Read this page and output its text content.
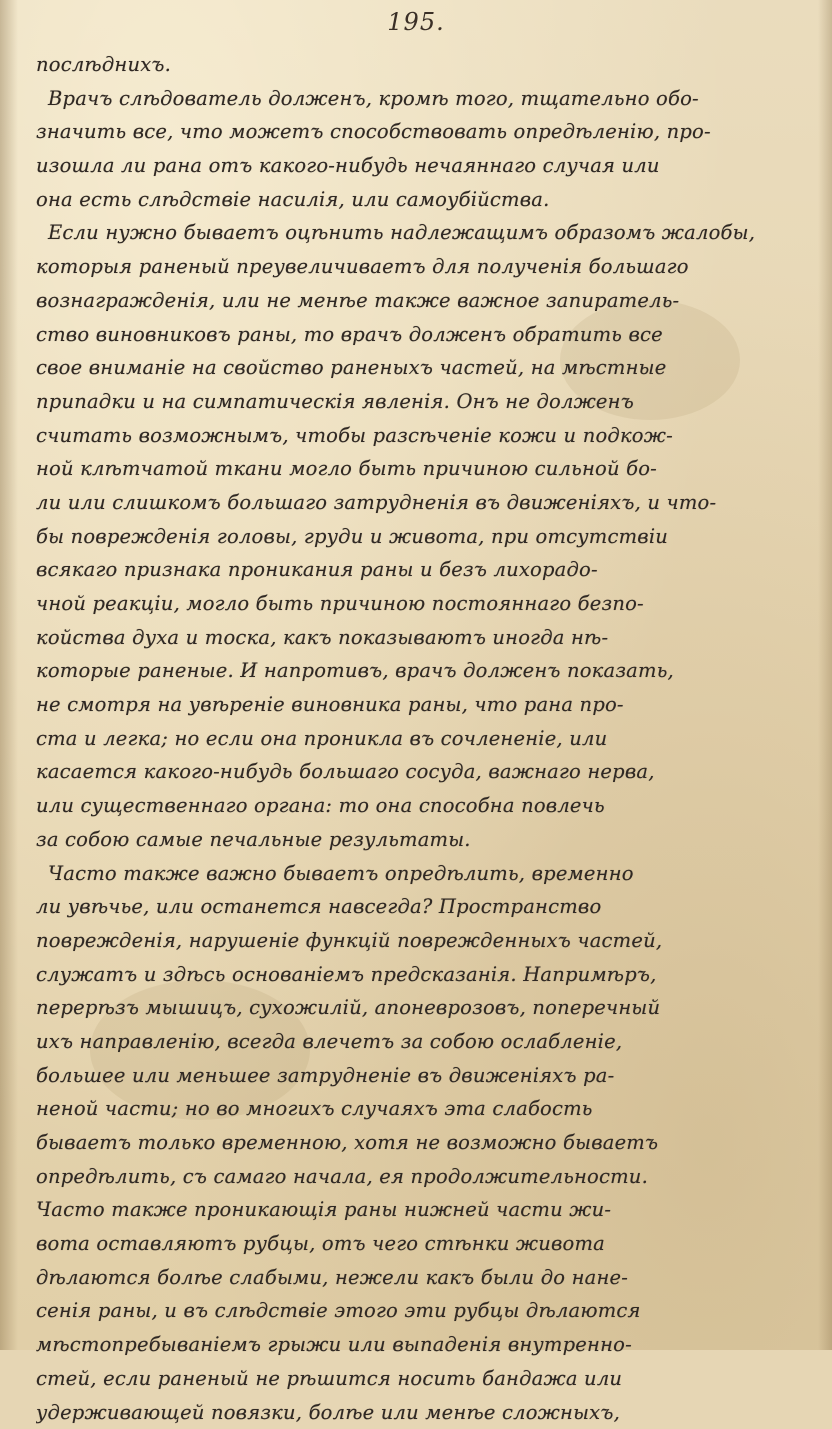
195.
послѣднихъ.
Врачъ слѣдователь долженъ, кромѣ того, тщательно обо-
значить все, что можетъ способствовать опредѣленію, про-
изошла ли рана отъ какого-нибудь нечаяннаго случая или
она есть слѣдствіе насилія, или самоубійства.
Если нужно бываетъ оцѣнить надлежащимъ образомъ жалобы,
которыя раненый преувеличиваетъ для полученія большаго
вознагражденія, или не менѣе также важное запиратель-
ство виновниковъ раны, то врачъ долженъ обратить все
свое вниманіе на свойство раненыхъ частей, на мѣстные
припадки и на симпатическія явленія. Онъ не долженъ
считать возможнымъ, чтобы разсѣченіе кожи и подкож-
ной клѣтчатой ткани могло быть причиною сильной бо-
ли или слишкомъ большаго затрудненія въ движеніяхъ, и что-
бы поврежденія головы, груди и живота, при отсутствіи
всякаго признака проникания раны и безъ лихорадо-
чной реакціи, могло быть причиною постояннаго безпо-
койства духа и тоска, какъ показываютъ иногда нѣ-
которые раненые. И напротивъ, врачъ долженъ показать,
не смотря на увѣреніе виновника раны, что рана про-
ста и легка; но если она проникла въ сочлененіе, или
касается какого-нибудь большаго сосуда, важнаго нерва,
или существеннаго органа: то она способна повлечь
за собою самые печальные результаты.
Часто также важно бываетъ опредѣлить, временно
ли увѣчье, или останется навсегда? Пространство
поврежденія, нарушеніе функцій поврежденныхъ частей,
служатъ и здѣсь основаніемъ предсказанія. Напримѣръ,
перерѣзъ мышицъ, сухожилій, апоневрозовъ, поперечный
ихъ направленію, всегда влечетъ за собою ослабленіе,
большее или меньшее затрудненіе въ движеніяхъ ра-
неной части; но во многихъ случаяхъ эта слабость
бываетъ только временною, хотя не возможно бываетъ
опредѣлить, съ самаго начала, ея продолжительности.
Часто также проникающія раны нижней части жи-
вота оставляютъ рубцы, отъ чего стѣнки живота
дѣлаются болѣе слабыми, нежели какъ были до нане-
сенія раны, и въ слѣдствіе этого эти рубцы дѣлаются
мѣстопребываніемъ грыжи или выпаденія внутренно-
стей, если раненый не рѣшится носить бандажа или
удерживающей повязки, болѣе или менѣе сложныхъ,
